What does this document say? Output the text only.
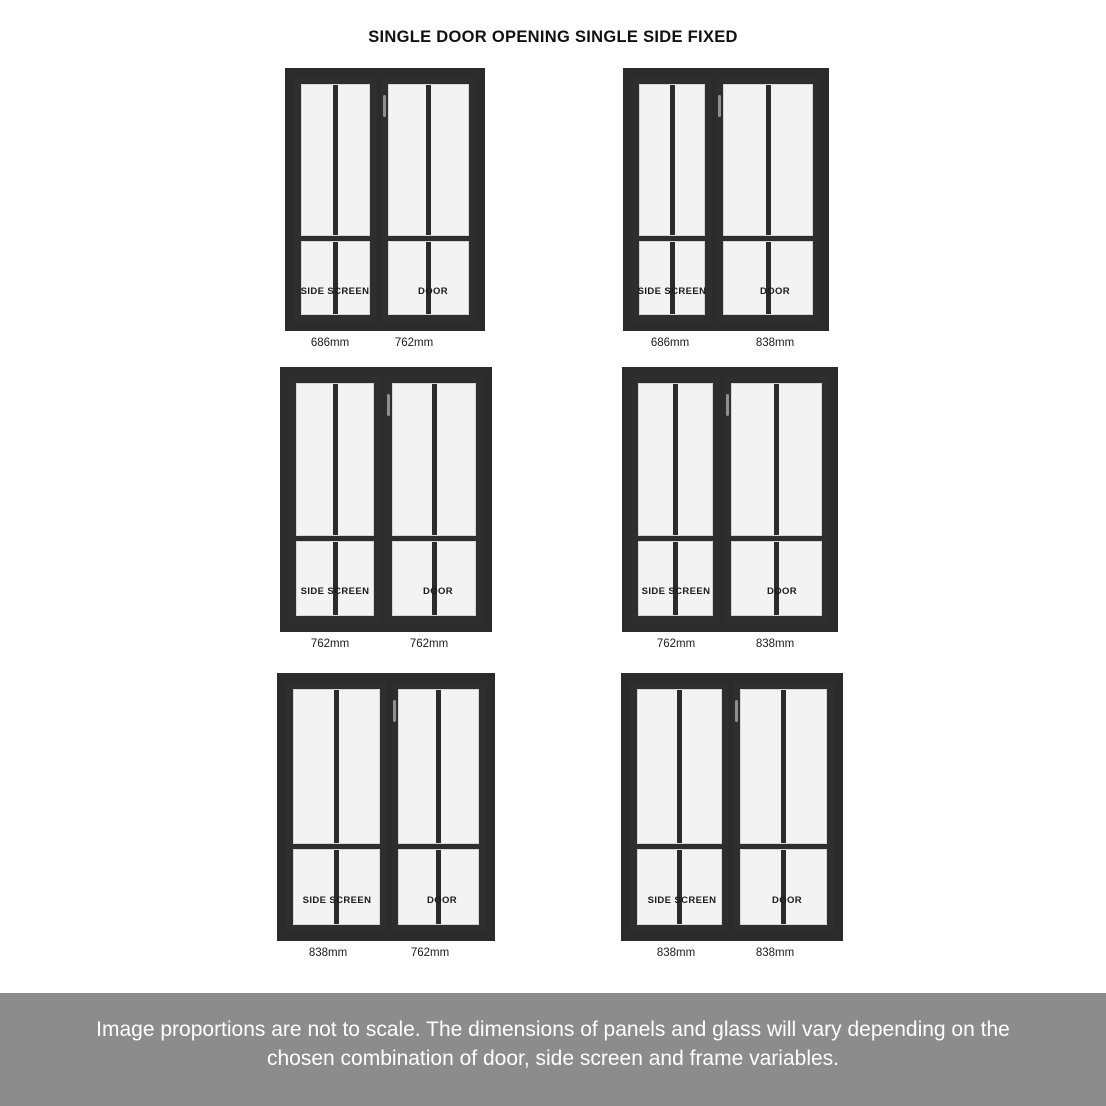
SINGLE DOOR OPENING SINGLE SIDE FIXED
SIDE SCREEN	DOOR
686mm	762mm
SIDE SCREEN	DOOR
686mm	838mm
SIDE SCREEN	DOOR
762mm	762mm
SIDE SCREEN	DOOR
762mm	838mm
SIDE SCREEN	DOOR
838mm	762mm
SIDE SCREEN	DOOR
838mm	838mm
Image proportions are not to scale. The dimensions of panels and glass will vary depending on the chosen combination of door, side screen and frame variables.
